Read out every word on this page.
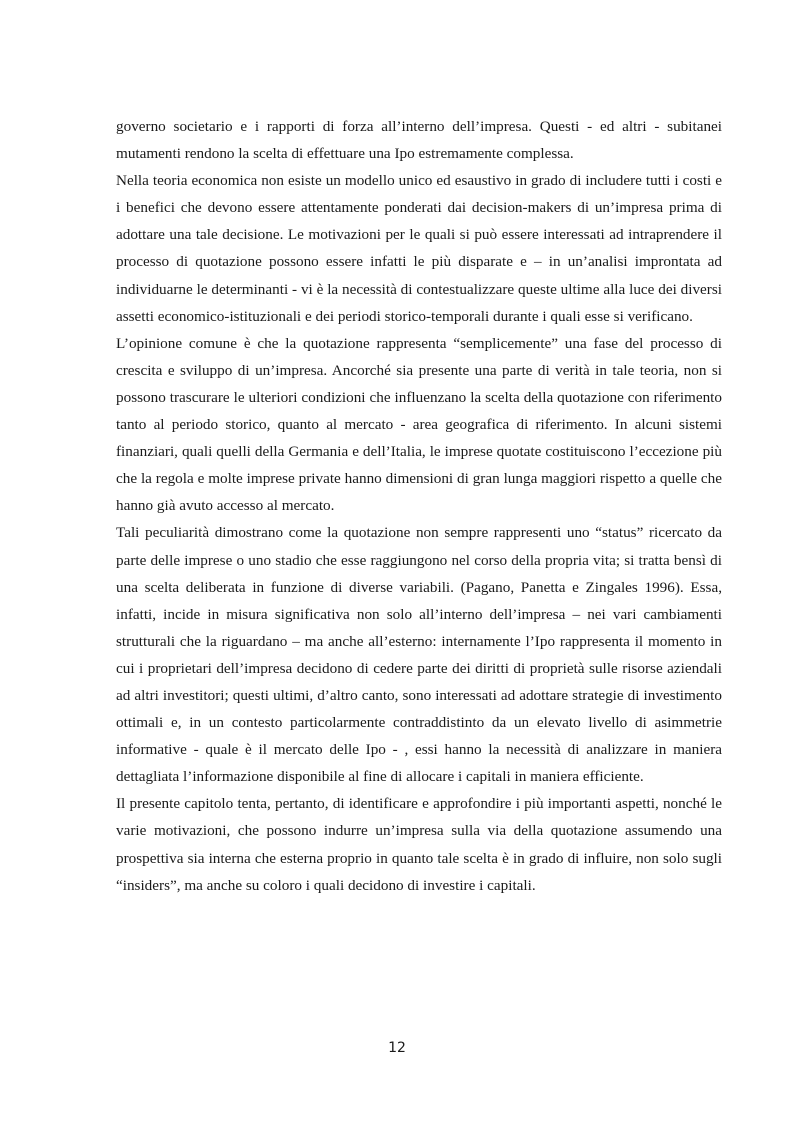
governo societario e i rapporti di forza all’interno dell’impresa. Questi - ed altri - subitanei mutamenti rendono la scelta di effettuare una Ipo estremamente complessa.

Nella teoria economica non esiste un modello unico ed esaustivo in grado di includere tutti i costi e i benefici che devono essere attentamente ponderati dai decision-makers di un’impresa prima di adottare una tale decisione. Le motivazioni per le quali si può essere interessati ad intraprendere il processo di quotazione possono essere infatti le più disparate e – in un’analisi improntata ad individuarne le determinanti - vi è la necessità di contestualizzare queste ultime alla luce dei diversi assetti economico-istituzionali e dei periodi storico-temporali durante i quali esse si verificano.

L’opinione comune è che la quotazione rappresenta “semplicemente” una fase del processo di crescita e sviluppo di un’impresa. Ancorché sia presente una parte di verità in tale teoria, non si possono trascurare le ulteriori condizioni che influenzano la scelta della quotazione con riferimento tanto al periodo storico, quanto al mercato - area geografica di riferimento. In alcuni sistemi finanziari, quali quelli della Germania e dell’Italia, le imprese quotate costituiscono l’eccezione più che la regola e molte imprese private hanno dimensioni di gran lunga maggiori rispetto a quelle che hanno già avuto accesso al mercato.

Tali peculiarità dimostrano come la quotazione non sempre rappresenti uno “status” ricercato da parte delle imprese o uno stadio che esse raggiungono nel corso della propria vita; si tratta bensì di una scelta deliberata in funzione di diverse variabili. (Pagano, Panetta e Zingales 1996). Essa, infatti, incide in misura significativa non solo all’interno dell’impresa – nei vari cambiamenti strutturali che la riguardano – ma anche all’esterno: internamente l’Ipo rappresenta il momento in cui i proprietari dell’impresa decidono di cedere parte dei diritti di proprietà sulle risorse aziendali ad altri investitori; questi ultimi, d’altro canto, sono interessati ad adottare strategie di investimento ottimali e, in un contesto particolarmente contraddistinto da un elevato livello di asimmetrie informative - quale è il mercato delle Ipo - , essi hanno la necessità di analizzare in maniera dettagliata l’informazione disponibile al fine di allocare i capitali in maniera efficiente.

Il presente capitolo tenta, pertanto, di identificare e approfondire i più importanti aspetti, nonché le varie motivazioni, che possono indurre un’impresa sulla via della quotazione assumendo una prospettiva sia interna che esterna proprio in quanto tale scelta è in grado di influire, non solo sugli “insiders”, ma anche su coloro i quali decidono di investire i capitali.

12
